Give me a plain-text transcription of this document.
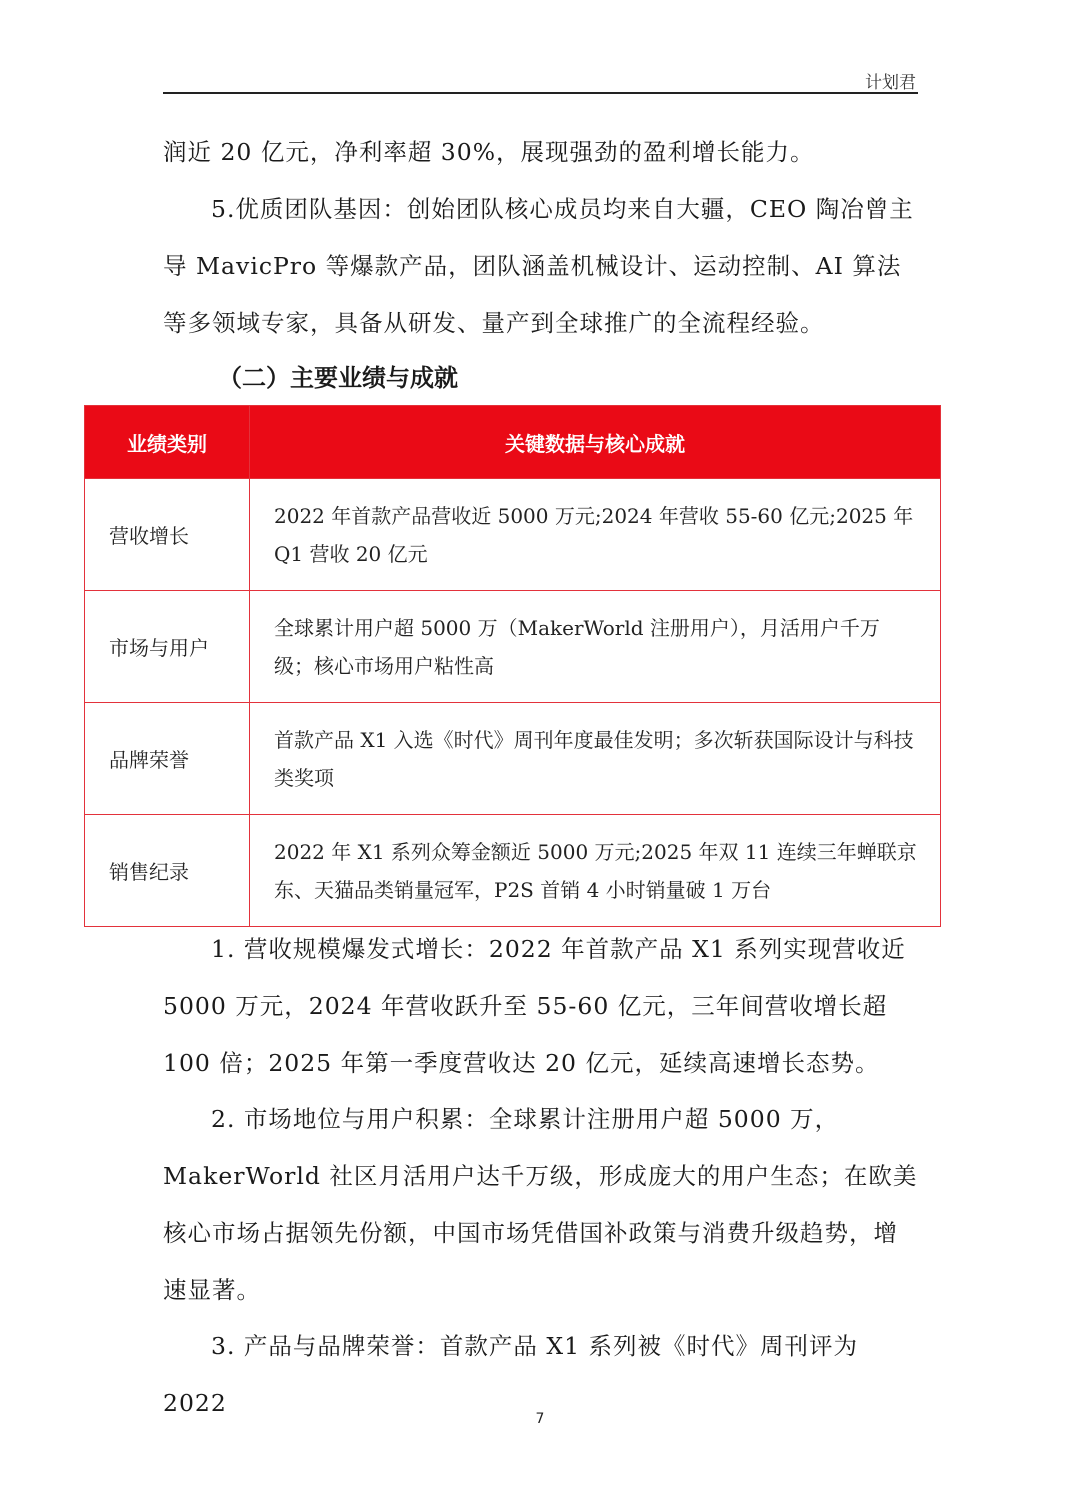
计划君

润近 20 亿元，净利率超 30%，展现强劲的盈利增长能力。

5.优质团队基因：创始团队核心成员均来自大疆，CEO 陶冶曾主导 MavicPro 等爆款产品，团队涵盖机械设计、运动控制、AI 算法等多领域专家，具备从研发、量产到全球推广的全流程经验。

（二）主要业绩与成就
业绩类别	关键数据与核心成就
营收增长	2022 年首款产品营收近 5000 万元;2024 年营收 55-60 亿元;2025 年 Q1 营收 20 亿元
市场与用户	全球累计用户超 5000 万（MakerWorld 注册用户），月活用户千万级；核心市场用户粘性高
品牌荣誉	首款产品 X1 入选《时代》周刊年度最佳发明；多次斩获国际设计与科技类奖项
销售纪录	2022 年 X1 系列众筹金额近 5000 万元;2025 年双 11 连续三年蝉联京东、天猫品类销量冠军，P2S 首销 4 小时销量破 1 万台

1. 营收规模爆发式增长：2022 年首款产品 X1 系列实现营收近 5000 万元，2024 年营收跃升至 55-60 亿元，三年间营收增长超 100 倍；2025 年第一季度营收达 20 亿元，延续高速增长态势。

2. 市场地位与用户积累：全球累计注册用户超 5000 万，MakerWorld 社区月活用户达千万级，形成庞大的用户生态；在欧美核心市场占据领先份额，中国市场凭借国补政策与消费升级趋势，增速显著。

3. 产品与品牌荣誉：首款产品 X1 系列被《时代》周刊评为 2022

7
